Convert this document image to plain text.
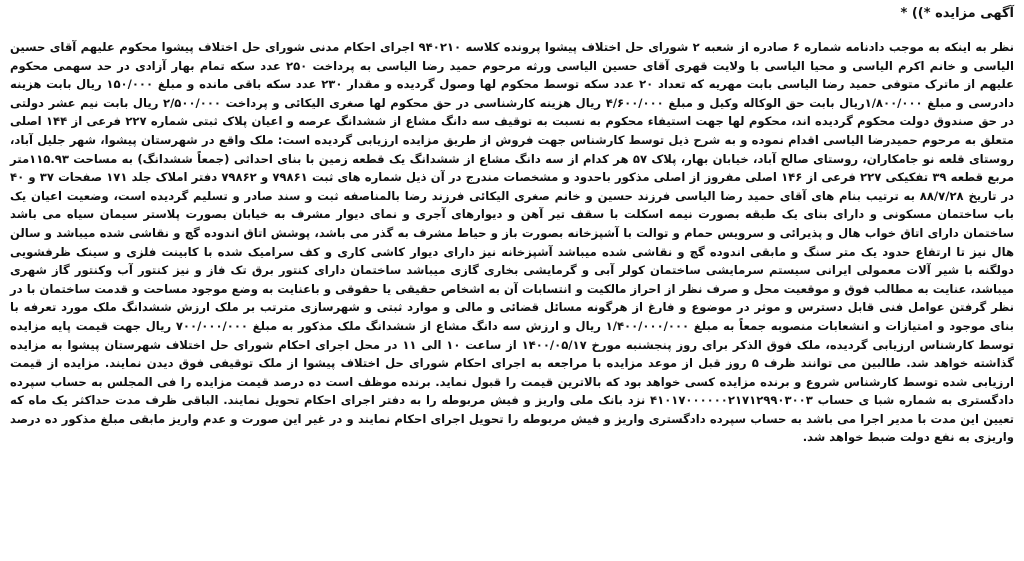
آگهی مزایده *)) *

نظر به اینکه به موجب دادنامه شماره ۶ صادره از شعبه ۲ شورای حل اختلاف پیشوا پرونده کلاسه ۹۴۰۲۱۰ اجرای احکام مدنی شورای حل اختلاف پیشوا محکوم علیهم آقای حسین الیاسی و خانم اکرم الیاسی و محیا الیاسی با ولایت قهری آقای حسین الیاسی ورثه مرحوم حمید رضا الیاسی به پرداخت ۲۵۰ عدد سکه تمام بهار آزادی در حد سهمی محکوم علیهم از ماترک متوفی حمید رضا الیاسی بابت مهریه که تعداد ۲۰ عدد سکه توسط محکوم لها وصول گردیده و مقدار ۲۳۰ عدد سکه باقی مانده و مبلغ ۱۵۰/۰۰۰ ریال بابت هزینه دادرسی و مبلغ ۱/۸۰۰/۰۰۰ریال بابت حق الوکاله وکیل و مبلغ ۴/۶۰۰/۰۰۰ ریال هزینه کارشناسی در حق محکوم لها صغری الیکائی و پرداخت ۲/۵۰۰/۰۰۰ ریال بابت نیم عشر دولتی در حق صندوق دولت محکوم گردیده اند، محکوم لها جهت استیفاء محکوم به نسبت به توقیف سه دانگ مشاع از ششدانگ عرصه و اعیان پلاک ثبتی شماره ۲۲۷ فرعی از ۱۴۴ اصلی متعلق به مرحوم حمیدرضا الیاسی اقدام نموده و به شرح ذیل توسط کارشناس جهت فروش از طریق مزایده ارزیابی گردیده است: ملک واقع در شهرستان پیشوا، شهر جلیل آباد، روستای قلعه نو جامکاران، روستای صالح آباد، خیابان بهار، پلاک ۵۷ هر کدام از سه دانگ مشاع از ششدانگ یک قطعه زمین با بنای احداثی (جمعاً ششدانگ) به مساحت ۱۱۵.۹۳متر مربع قطعه ۳۹ تفکیکی ۲۲۷ فرعی از ۱۴۶ اصلی مفروز از اصلی مذکور باحدود و مشخصات مندرج در آن ذیل شماره های ثبت ۷۹۸۶۱ و ۷۹۸۶۲ دفتر املاک جلد ۱۷۱ صفحات ۳۷ و ۴۰ در تاریخ ۸۸/۷/۲۸ به ترتیب بنام های آقای حمید رضا الیاسی فرزند حسین و خانم صغری الیکائی فرزند رضا بالمناصفه ثبت و سند صادر و تسلیم گردیده است، وضعیت اعیان یک باب ساختمان مسکونی و دارای بنای یک طبقه بصورت نیمه اسکلت با سقف تیر آهن و دیوارهای آجری و نمای دیوار مشرف به خیابان بصورت پلاستر سیمان سیاه می باشد ساختمان دارای اتاق خواب هال و پذیرائی و سرویس حمام و توالت با آشپزخانه بصورت باز و حیاط مشرف به گذر می باشد، پوشش اتاق اندوده گچ و نقاشی شده میباشد و سالن هال نیز تا ارتفاع حدود یک متر سنگ و مابقی اندوده گچ و نقاشی شده میباشد آشپزخانه نیز دارای دیوار کاشی کاری و کف سرامیک شده با کابینت فلزی و سینک ظرفشویی دولگنه با شیر آلات معمولی ایرانی سیستم سرمایشی ساختمان کولر آبی و گرمایشی بخاری گازی میباشد ساختمان دارای کنتور برق تک فاز و نیز کنتور آب وکنتور گاز شهری میباشد، عنایت به مطالب فوق و موقعیت محل و صرف نظر از احراز مالکیت و انتسابات آن به اشخاص حقیقی یا حقوقی و باعنایت به وضع موجود مساحت و قدمت ساختمان با در نظر گرفتن عوامل فنی قابل دسترس و موثر در موضوع و فارغ از هرگونه مسائل قضائی و مالی و موارد ثبتی و شهرسازی مترتب بر ملک ارزش ششدانگ ملک مورد تعرفه با بنای موجود و امتیازات و انشعابات منصوبه جمعاً به مبلغ ۱/۴۰۰/۰۰۰/۰۰۰ ریال و ارزش سه دانگ مشاع از ششدانگ ملک مذکور به مبلغ ۷۰۰/۰۰۰/۰۰۰ ریال جهت قیمت پایه مزایده توسط کارشناس ارزیابی گردیده، ملک فوق الذکر برای روز پنجشنبه مورخ ۱۴۰۰/۰۵/۱۷ از ساعت ۱۰ الی ۱۱ در محل اجرای احکام شورای حل اختلاف شهرستان پیشوا به مزایده گذاشته خواهد شد. طالبین می توانند ظرف ۵ روز قبل از موعد مزایده با مراجعه به اجرای احکام شورای حل اختلاف پیشوا از ملک توقیفی فوق دیدن نمایند. مزایده از قیمت ارزیابی شده توسط کارشناس شروع و برنده مزایده کسی خواهد بود که بالاترین قیمت را قبول نماید. برنده موظف است ده درصد قیمت مزایده را فی المجلس به حساب سپرده دادگستری به شماره شبا ی حساب ۴۱۰۱۷۰۰۰۰۰۰۲۱۷۱۲۹۹۰۳۰۰۳ نزد بانک ملی واریز و فیش مربوطه را به دفتر اجرای احکام تحویل نمایند. الباقی ظرف مدت حداکثر یک ماه که تعیین این مدت با مدیر اجرا می باشد به حساب سپرده دادگستری واریز و فیش مربوطه را تحویل اجرای احکام نمایند و در غیر این صورت و عدم واریز مابقی مبلغ مذکور ده درصد واریزی به نفع دولت ضبط خواهد شد.
